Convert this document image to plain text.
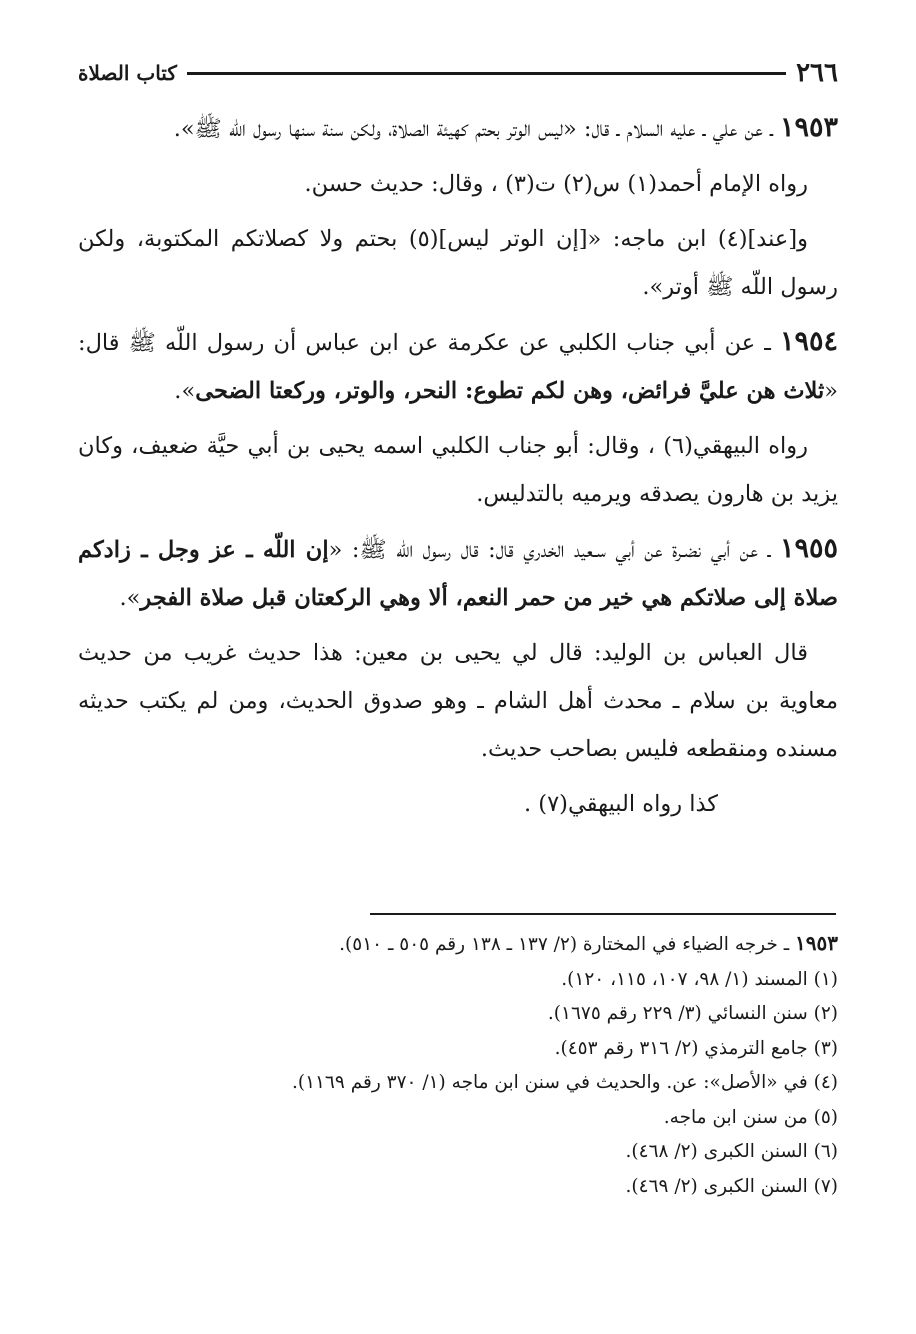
٢٦٦
كتاب الصلاة

١٩٥٣ ـ عن علي ـ عليه السلام ـ قال: «ليس الوتر بحتم كهيئة الصلاة، ولكن سنة سنها رسول اللّه ﷺ».

رواه الإمام أحمد(١) س(٢) ت(٣) ، وقال: حديث حسن.

و[عند](٤) ابن ماجه: «[إن الوتر ليس](٥) بحتم ولا كصلاتكم المكتوبة، ولكن رسول اللّه ﷺ أوتر».

١٩٥٤ ـ عن أبي جناب الكلبي عن عكرمة عن ابن عباس أن رسول اللّه ﷺ قال: «ثلاث هن عليَّ فرائض، وهن لكم تطوع: النحر، والوتر، وركعتا الضحى».

رواه البيهقي(٦) ، وقال: أبو جناب الكلبي اسمه يحيى بن أبي حيَّة ضعيف، وكان يزيد بن هارون يصدقه ويرميه بالتدليس.

١٩٥٥ ـ عن أبي نضـرة عن أبي سـعيد الخدري قال: قال رسول اللّه ﷺ: «إن اللّه ـ عز وجل ـ زادكم صلاة إلى صلاتكم هي خير من حمر النعم، ألا وهي الركعتان قبل صلاة الفجر».

قال العباس بن الوليد: قال لي يحيى بن معين: هذا حديث غريب من حديث معاوية بن سلام ـ محدث أهل الشام ـ وهو صدوق الحديث، ومن لم يكتب حديثه مسنده ومنقطعه فليس بصاحب حديث.

كذا رواه البيهقي(٧) .

١٩٥٣ ـ خرجه الضياء في المختارة (٢/ ١٣٧ ـ ١٣٨ رقم ٥٠٥ ـ ٥١٠).

(١) المسند (١/ ٩٨، ١٠٧، ١١٥، ١٢٠).

(٢) سنن النسائي (٣/ ٢٢٩ رقم ١٦٧٥).

(٣) جامع الترمذي (٢/ ٣١٦ رقم ٤٥٣).

(٤) في «الأصل»: عن. والحديث في سنن ابن ماجه (١/ ٣٧٠ رقم ١١٦٩).

(٥) من سنن ابن ماجه.

(٦) السنن الكبرى (٢/ ٤٦٨).

(٧) السنن الكبرى (٢/ ٤٦٩).
